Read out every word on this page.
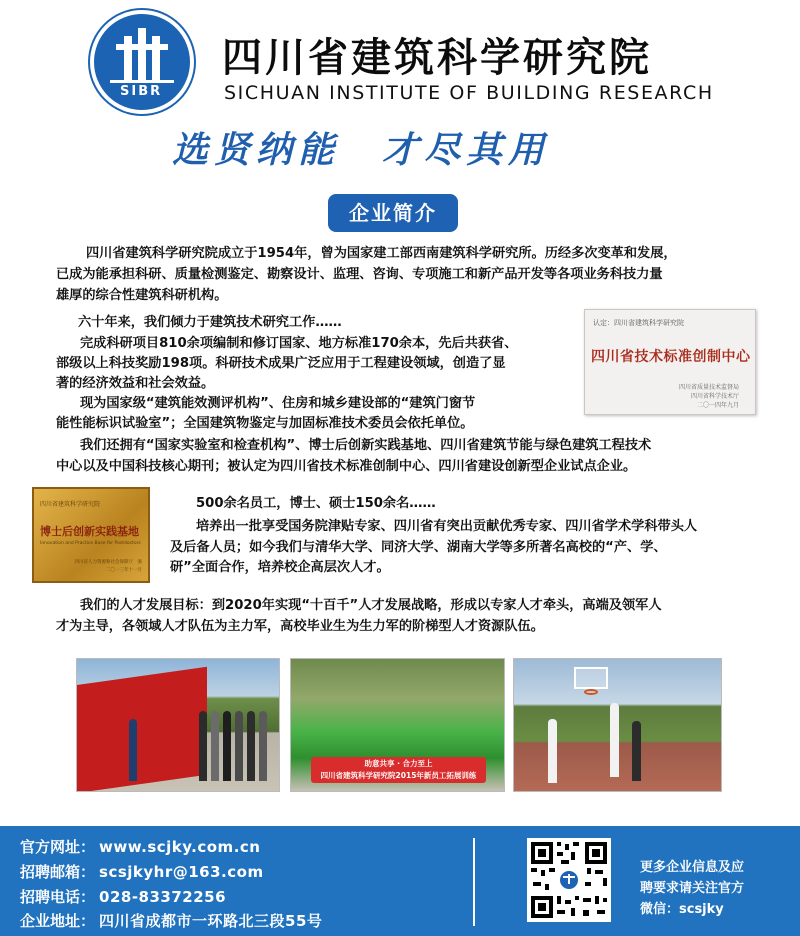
SIBR
四川省建筑科学研究院
SICHUAN INSTITUTE OF BUILDING RESEARCH
选贤纳能　才尽其用
企业简介
四川省建筑科学研究院成立于1954年，曾为国家建工部西南建筑科学研究所。历经多次变革和发展，
已成为能承担科研、质量检测鉴定、勘察设计、监理、咨询、专项施工和新产品开发等各项业务科技力量
雄厚的综合性建筑科研机构。
六十年来，我们倾力于建筑技术研究工作……
完成科研项目810余项编制和修订国家、地方标准170余本，先后共获省、
部级以上科技奖励198项。科研技术成果广泛应用于工程建设领域，创造了显
著的经济效益和社会效益。
现为国家级“建筑能效测评机构”、住房和城乡建设部的“建筑门窗节
能性能标识试验室”；全国建筑物鉴定与加固标准技术委员会依托单位。
我们还拥有“国家实验室和检查机构”、博士后创新实践基地、四川省建筑节能与绿色建筑工程技术
中心以及中国科技核心期刊；被认定为四川省技术标准创制中心、四川省建设创新型企业试点企业。
500余名员工，博士、硕士150余名……
培养出一批享受国务院津贴专家、四川省有突出贡献优秀专家、四川省学术学科带头人
及后备人员；如今我们与清华大学、同济大学、湖南大学等多所著名高校的“产、学、
研”全面合作，培养校企高层次人才。
我们的人才发展目标：到2020年实现“十百千”人才发展战略，形成以专家人才牵头，高端及领军人
才为主导，各领域人才队伍为主力军，高校毕业生为生力军的阶梯型人才资源队伍。
认定：四川省建筑科学研究院
四川省技术标准创制中心
四川省质量技术监督局
四川省科学技术厅
二〇一四年九月
四川省建筑科学研究院
博士后创新实践基地
Innovation and Practice Base for Postdoctors
四川省人力资源和社会保障厅　颁
二〇一三年十一月
助意共享 · 合力至上
四川省建筑科学研究院2015年新员工拓展训练
官方网址： www.scjky.com.cn
招聘邮箱： scsjkyhr@163.com
招聘电话： 028-83372256
企业地址： 四川省成都市一环路北三段55号
更多企业信息及应
聘要求请关注官方
微信：scsjky
